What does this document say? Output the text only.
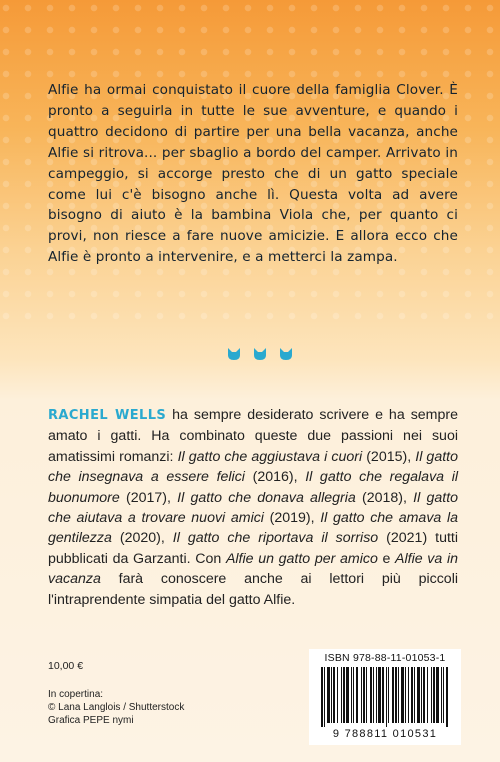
Alfie ha ormai conquistato il cuore della famiglia Clover. È pronto a seguirla in tutte le sue avventure, e quando i quattro decidono di partire per una bella vacanza, anche Alfie si ritrova... per sbaglio a bordo del camper. Arrivato in campeggio, si accorge presto che di un gatto speciale come lui c'è bisogno anche lì. Questa volta ad avere bisogno di aiuto è la bambina Viola che, per quanto ci provi, non riesce a fare nuove amicizie. E allora ecco che Alfie è pronto a intervenire, e a metterci la zampa.
RACHEL WELLS ha sempre desiderato scrivere e ha sempre amato i gatti. Ha combinato queste due passioni nei suoi amatissimi romanzi: Il gatto che aggiustava i cuori (2015), Il gatto che insegnava a essere felici (2016), Il gatto che regalava il buonumore (2017), Il gatto che donava allegria (2018), Il gatto che aiutava a trovare nuovi amici (2019), Il gatto che amava la gentilezza (2020), Il gatto che riportava il sorriso (2021) tutti pubblicati da Garzanti. Con Alfie un gatto per amico e Alfie va in vacanza farà conoscere anche ai lettori più piccoli l'intraprendente simpatia del gatto Alfie.
10,00 €
In copertina:
© Lana Langlois / Shutterstock
Grafica PEPE nymi
ISBN 978-88-11-01053-1
9 788811 010531
